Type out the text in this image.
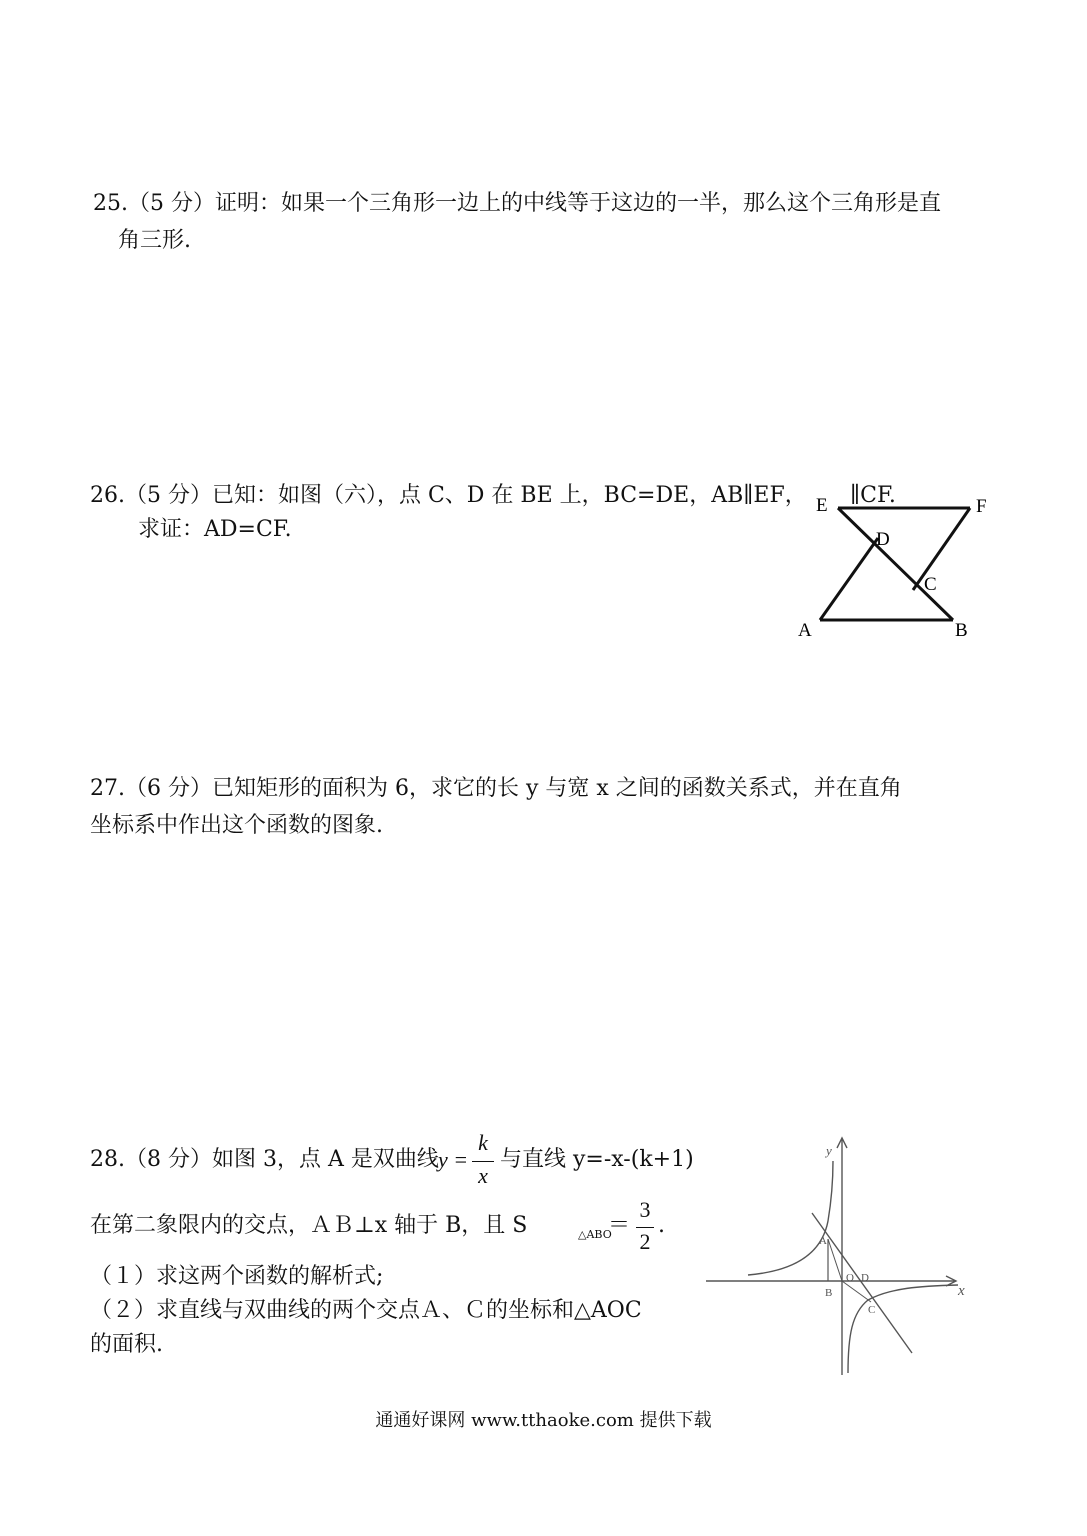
25.（5 分）证明：如果一个三角形一边上的中线等于这边的一半，那么这个三角形是直
角三形.
26.（5 分）已知：如图（六），点 C、D 在 BE 上，BC=DE，AB∥EF， ∥CF.
求证：AD=CF.
E	F
D
C
A	B
27.（6 分）已知矩形的面积为 6，求它的长 y 与宽 x 之间的函数关系式，并在直角
坐标系中作出这个函数的图象.
28.（8 分）如图 3，点 A 是双曲线 y =
k
x
与直线 y=-x-(k+1)
在第二象限内的交点，ＡＢ⊥x 轴于 B，且 S	△ABO
＝
3
2
.
（１）求这两个函数的解析式;
（２）求直线与双曲线的两个交点Ａ、Ｃ的坐标和△AOC
的面积.
y
x
A
B
O D
C
通通好课网 www.tthaoke.com 提供下载
